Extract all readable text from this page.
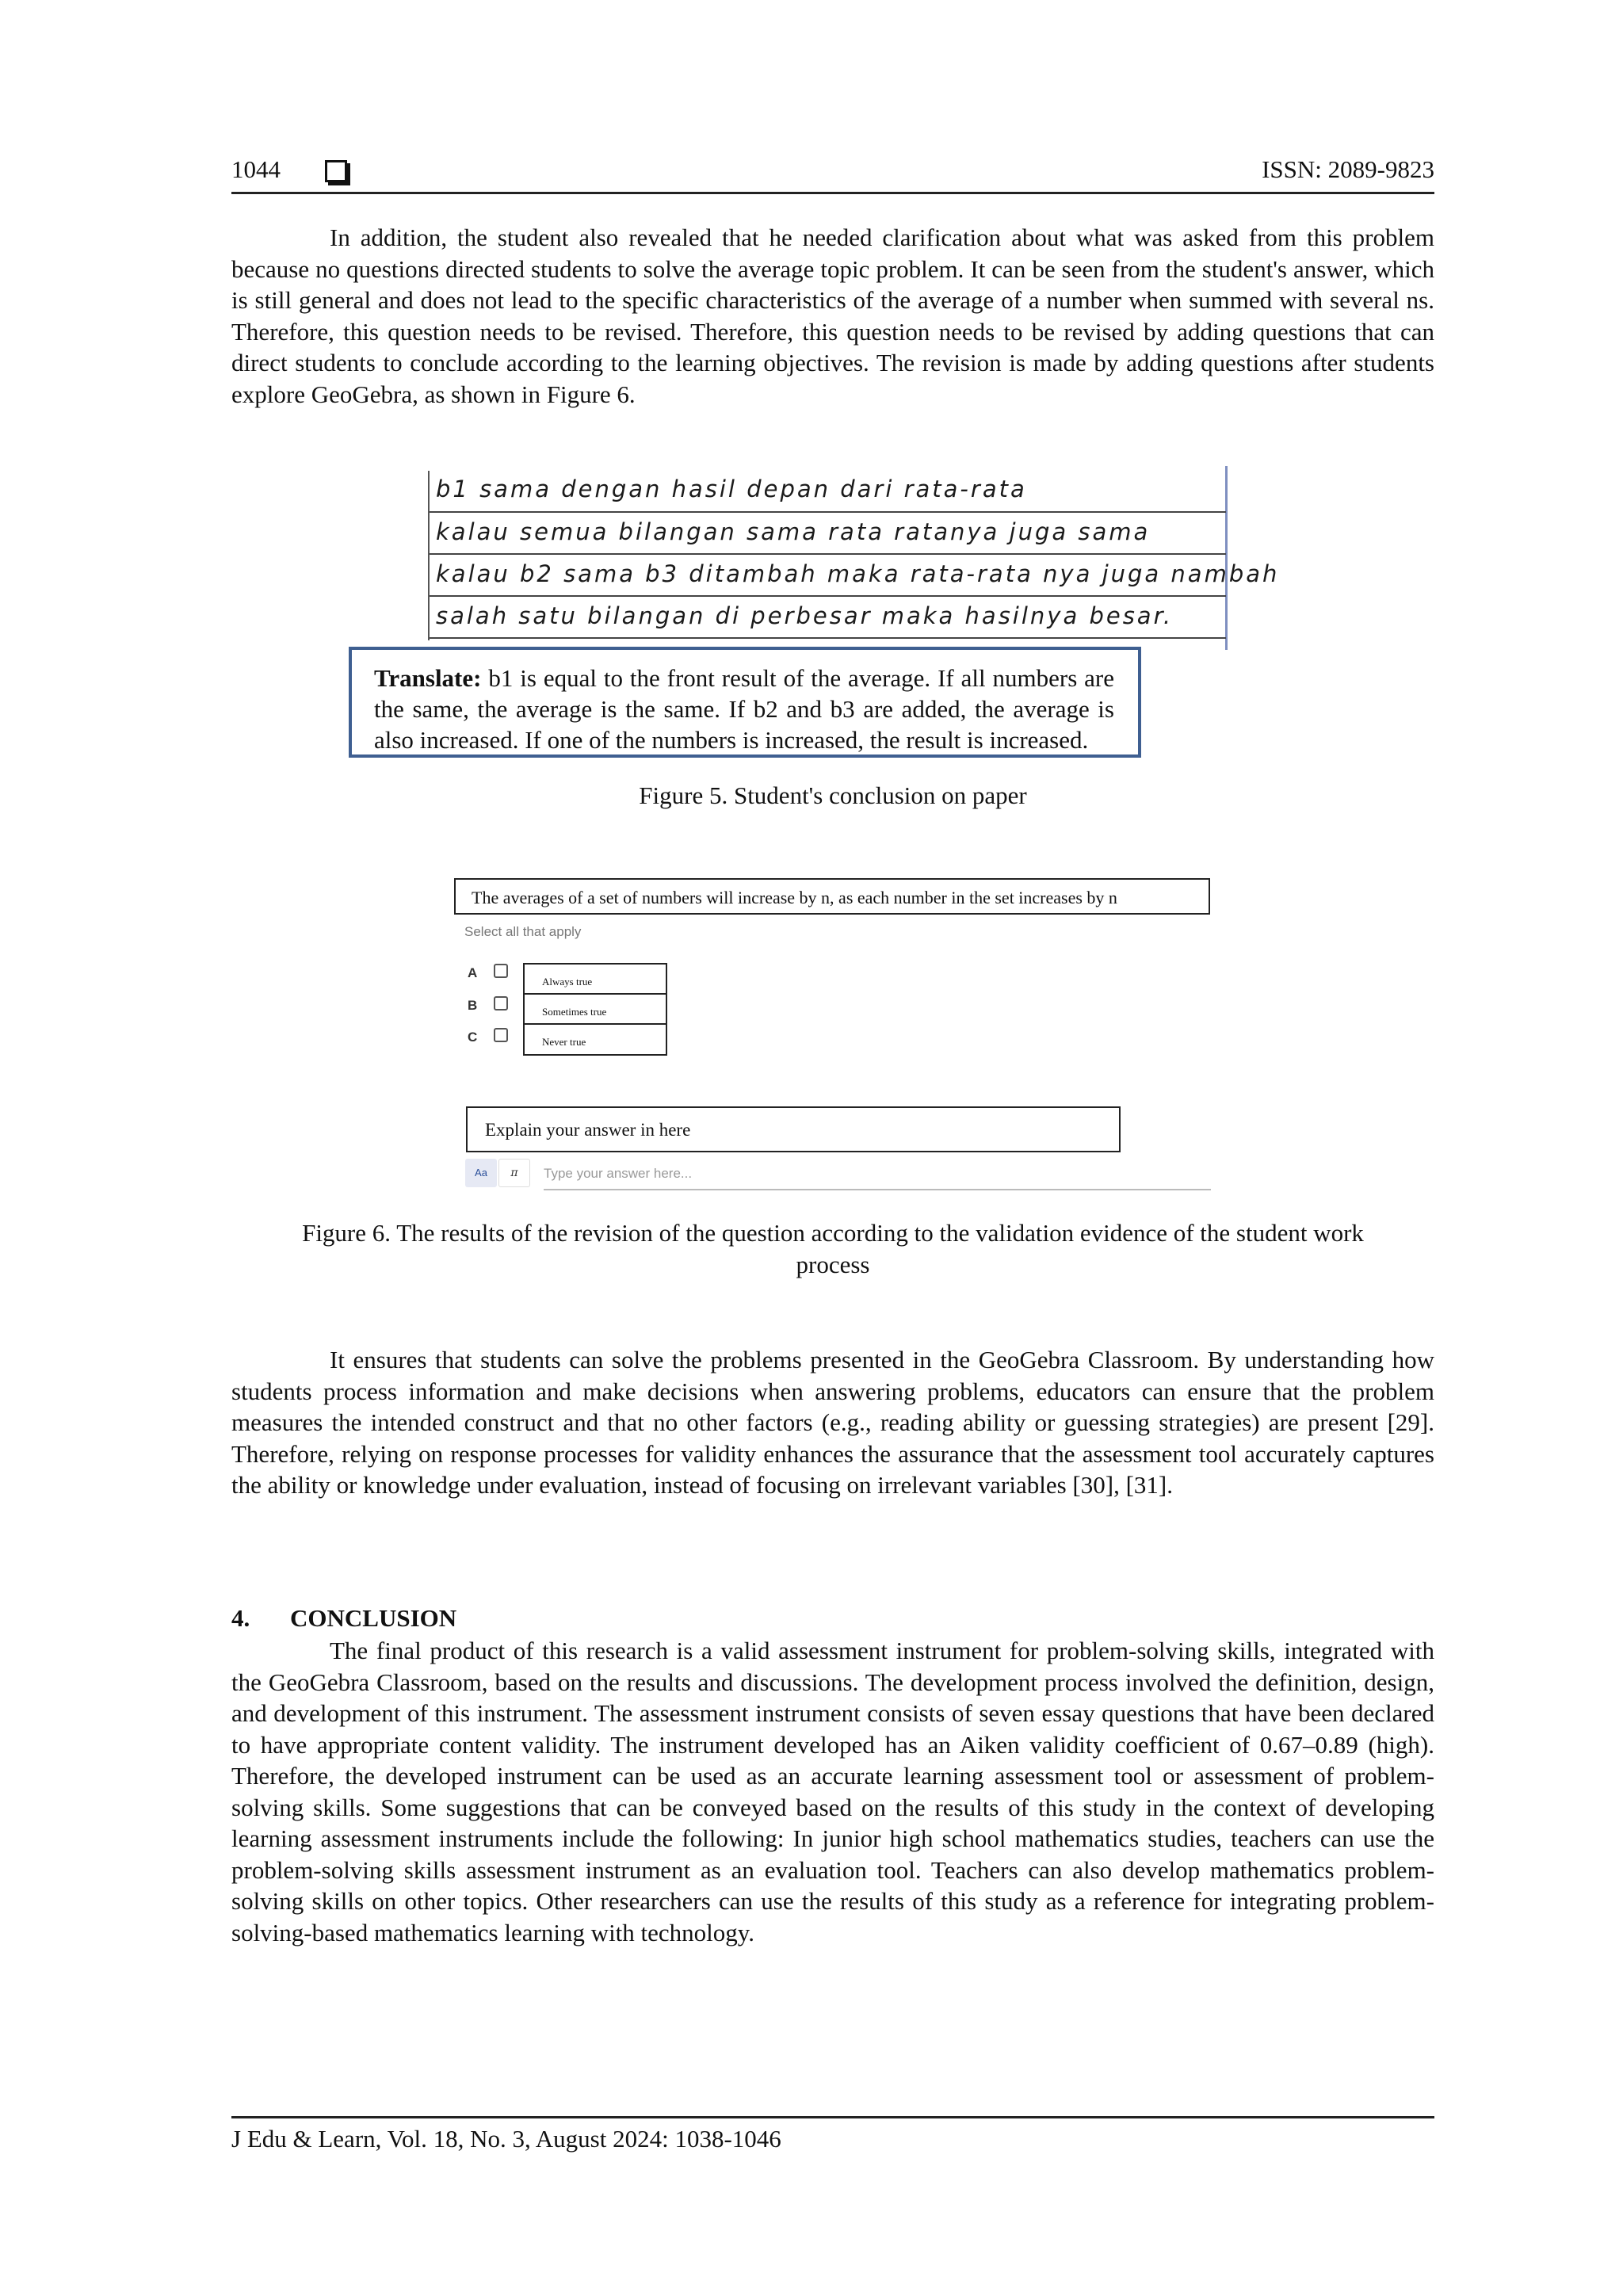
1044	ISSN: 2089-9823

In addition, the student also revealed that he needed clarification about what was asked from this problem because no questions directed students to solve the average topic problem. It can be seen from the student's answer, which is still general and does not lead to the specific characteristics of the average of a number when summed with several ns. Therefore, this question needs to be revised. Therefore, this question needs to be revised by adding questions that can direct students to conclude according to the learning objectives. The revision is made by adding questions after students explore GeoGebra, as shown in Figure 6.

b1 sama dengan hasil depan dari rata-rata
kalau semua bilangan sama rata ratanya juga sama
kalau b2 sama b3 ditambah maka rata-rata nya juga nambah
salah satu bilangan di perbesar maka hasilnya besar.
Translate: b1 is equal to the front result of the average. If all numbers are the same, the average is the same. If b2 and b3 are added, the average is also increased. If one of the numbers is increased, the result is increased.
Figure 5. Student's conclusion on paper
The averages of a set of numbers will increase by n, as each number in the set increases by n
Select all that apply
A
B
C
Always true
Sometimes true
Never true
Explain your answer in here
Aa	π
Type your answer here...
Figure 6. The results of the revision of the question according to the validation evidence of the student work
process

It ensures that students can solve the problems presented in the GeoGebra Classroom. By understanding how students process information and make decisions when answering problems, educators can ensure that the problem measures the intended construct and that no other factors (e.g., reading ability or guessing strategies) are present [29]. Therefore, relying on response processes for validity enhances the assurance that the assessment tool accurately captures the ability or knowledge under evaluation, instead of focusing on irrelevant variables [30], [31].

4. CONCLUSION

The final product of this research is a valid assessment instrument for problem-solving skills, integrated with the GeoGebra Classroom, based on the results and discussions. The development process involved the definition, design, and development of this instrument. The assessment instrument consists of seven essay questions that have been declared to have appropriate content validity. The instrument developed has an Aiken validity coefficient of 0.67–0.89 (high). Therefore, the developed instrument can be used as an accurate learning assessment tool or assessment of problem-solving skills. Some suggestions that can be conveyed based on the results of this study in the context of developing learning assessment instruments include the following: In junior high school mathematics studies, teachers can use the problem-solving skills assessment instrument as an evaluation tool. Teachers can also develop mathematics problem-solving skills on other topics. Other researchers can use the results of this study as a reference for integrating problem-solving-based mathematics learning with technology.

J Edu & Learn, Vol. 18, No. 3, August 2024: 1038-1046
